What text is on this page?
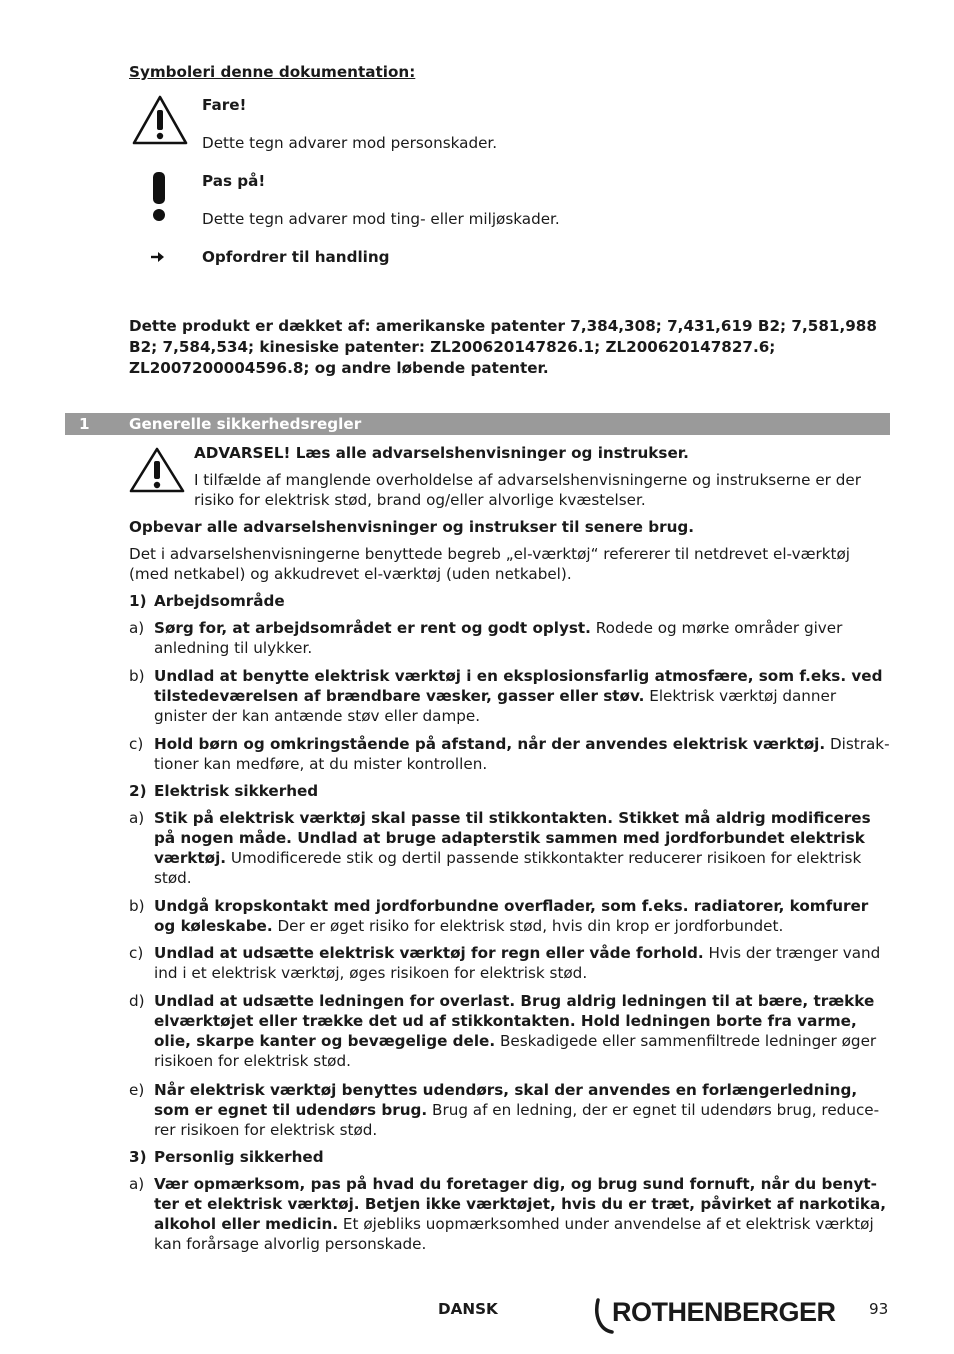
Symboleri denne dokumentation:
Fare!
Dette tegn advarer mod personskader.
Pas på!
Dette tegn advarer mod ting- eller miljøskader.
Opfordrer til handling
Dette produkt er dækket af: amerikanske patenter 7,384,308; 7,431,619 B2; 7,581,988 B2; 7,584,534; kinesiske patenter: ZL200620147826.1; ZL200620147827.6; ZL2007200004596.8; og andre løbende patenter.
1	Generelle sikkerhedsregler
ADVARSEL! Læs alle advarselshenvisninger og instrukser.
I tilfælde af manglende overholdelse af advarselshenvisningerne og instrukserne er der risiko for elektrisk stød, brand og/eller alvorlige kvæstelser.
Opbevar alle advarselshenvisninger og instrukser til senere brug.
Det i advarselshenvisningerne benyttede begreb „el-værktøj“ refererer til netdrevet el-værktøj (med netkabel) og akkudrevet el-værktøj (uden netkabel).
1) Arbejdsområde
a) Sørg for, at arbejdsområdet er rent og godt oplyst. Rodede og mørke områder giver anledning til ulykker.
b) Undlad at benytte elektrisk værktøj i en eksplosionsfarlig atmosfære, som f.eks. ved tilstedeværelsen af brændbare væsker, gasser eller støv. Elektrisk værktøj danner gnister der kan antænde støv eller dampe.
c) Hold børn og omkringstående på afstand, når der anvendes elektrisk værktøj. Distrak-tioner kan medføre, at du mister kontrollen.
2) Elektrisk sikkerhed
a) Stik på elektrisk værktøj skal passe til stikkontakten. Stikket må aldrig modificeres på nogen måde. Undlad at bruge adapterstik sammen med jordforbundet elektrisk værktøj. Umodificerede stik og dertil passende stikkontakter reducerer risikoen for elektrisk stød.
b) Undgå kropskontakt med jordforbundne overflader, som f.eks. radiatorer, komfurer og køleskabe. Der er øget risiko for elektrisk stød, hvis din krop er jordforbundet.
c) Undlad at udsætte elektrisk værktøj for regn eller våde forhold. Hvis der trænger vand ind i et elektrisk værktøj, øges risikoen for elektrisk stød.
d) Undlad at udsætte ledningen for overlast. Brug aldrig ledningen til at bære, trække elværktøjet eller trække det ud af stikkontakten. Hold ledningen borte fra varme, olie, skarpe kanter og bevægelige dele. Beskadigede eller sammenfiltrede ledninger øger risikoen for elektrisk stød.
e) Når elektrisk værktøj benyttes udendørs, skal der anvendes en forlængerledning, som er egnet til udendørs brug. Brug af en ledning, der er egnet til udendørs brug, reduce-rer risikoen for elektrisk stød.
3) Personlig sikkerhed
a) Vær opmærksom, pas på hvad du foretager dig, og brug sund fornuft, når du benyt-ter et elektrisk værktøj. Betjen ikke værktøjet, hvis du er træt, påvirket af narkotika, alkohol eller medicin. Et øjebliks uopmærksomhed under anvendelse af et elektrisk værktøj kan forårsage alvorlig personskade.
DANSK	ROTHENBERGER 93
